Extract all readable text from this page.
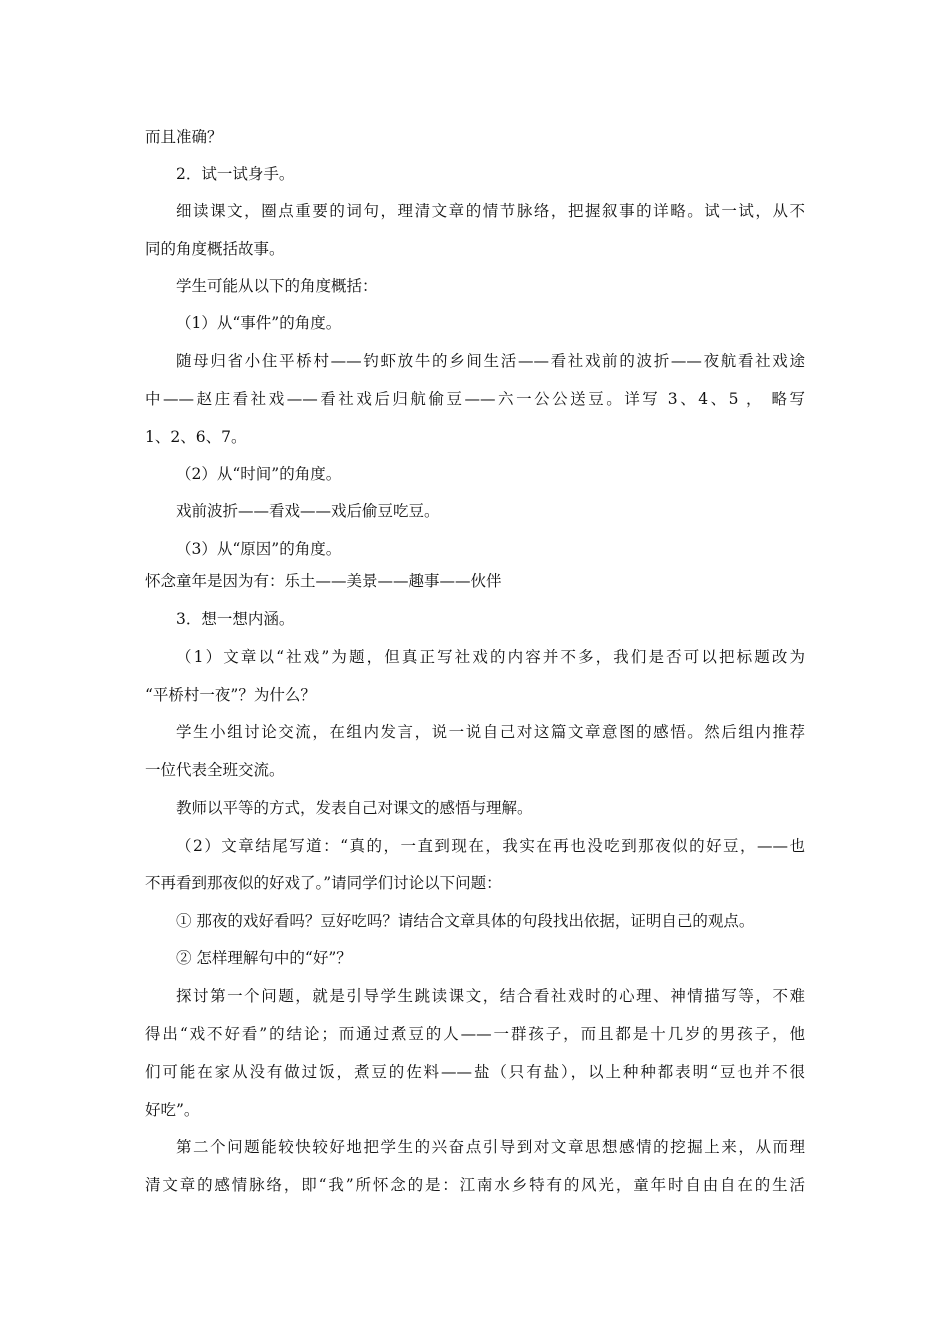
而且准确？
2．试一试身手。
细读课文，圈点重要的词句，理清文章的情节脉络，把握叙事的详略。试一试，从不
同的角度概括故事。
学生可能从以下的角度概括：
（1）从“事件”的角度。
随母归省小住平桥村——钓虾放牛的乡间生活——看社戏前的波折——夜航看社戏途
中——赵庄看社戏——看社戏后归航偷豆——六一公公送豆。详写 3、4、5 ， 略写
1、2、6、7。
（2）从“时间”的角度。
戏前波折——看戏——戏后偷豆吃豆。
（3）从“原因”的角度。
怀念童年是因为有：乐土——美景——趣事——伙伴
3．想一想内涵。
（1）文章以“社戏”为题，但真正写社戏的内容并不多，我们是否可以把标题改为
“平桥村一夜”？为什么？
学生小组讨论交流，在组内发言，说一说自己对这篇文章意图的感悟。然后组内推荐
一位代表全班交流。
教师以平等的方式，发表自己对课文的感悟与理解。
（2）文章结尾写道：“真的，一直到现在，我实在再也没吃到那夜似的好豆，——也
不再看到那夜似的好戏了。”请同学们讨论以下问题：
① 那夜的戏好看吗？豆好吃吗？请结合文章具体的句段找出依据，证明自己的观点。
② 怎样理解句中的“好”？
探讨第一个问题，就是引导学生跳读课文，结合看社戏时的心理、神情描写等，不难
得出“戏不好看”的结论；而通过煮豆的人——一群孩子，而且都是十几岁的男孩子，他
们可能在家从没有做过饭，煮豆的佐料——盐（只有盐），以上种种都表明“豆也并不很
好吃”。
第二个问题能较快较好地把学生的兴奋点引导到对文章思想感情的挖掘上来，从而理
清文章的感情脉络，即“我”所怀念的是：江南水乡特有的风光，童年时自由自在的生活
